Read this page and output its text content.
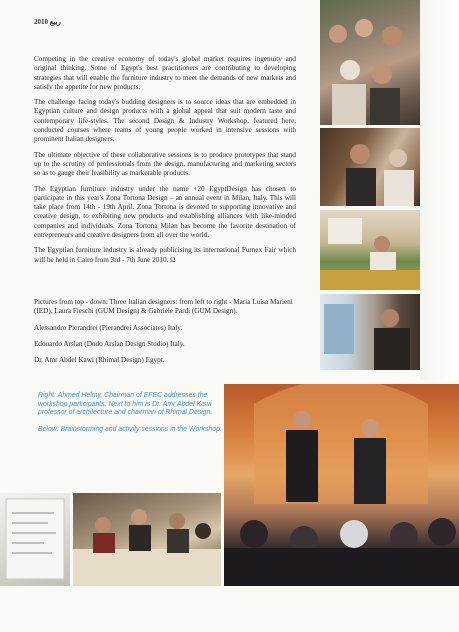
2010 ربيع

Competing in the creative economy of today's global market requires ingenuity and original thinking. Some of Egypt's best practitioners are contributing to developing strategies that will enable the furniture industry to meet the demands of new markets and satisfy the appetite for new products.

The challenge facing today's budding designers is to source ideas that are embedded in Egyptian culture and design products with a global appeal that suit modern taste and contemporary life-styles. The second Design & Industry Workshop, featured here, conducted courses where teams of young people worked in intensive sessions with prominent Italian designers.

The ultimate objective of these collaborative sessions is to produce prototypes that stand up to the scrutiny of professionals from the design, manufacturing and marketing sectors so as to gauge their feasibility as marketable products.

The Egyptian furniture industry under the name +20 EgyptDesign has chosen to participate in this year's Zona Tortona Design – an annual event in Milan, Italy. This will take place from 14th - 19th April. Zona Tortona is devoted to supporting innovative and creative design, to exhibiting new products and establishing alliances with like-minded companies and individuals. Zona Tortona Milan has become the favorite destination of entrepreneurs and creative designers from all over the world.

The Egyptian furniture industry is already publicising its international Furnex Fair which will be held in Cairo from 3rd - 7th June 2010. Ω

Pictures from top - down: Three Italian designers: from left to right - Maria Luisa Marieni (IED), Laura Fieschi (GUM Design) & Gabriele Pardi (GUM Design).

Alessandro Pierandrei (Pierandrei Associates) Italy.

Edouardo Arslan (Dodo Arslan Design Studio) Italy.

Dr. Amr Abdel Kawi (Rhimal Design) Egypt.

Right: Ahmed Helmy, Chairman of EFEC addresses the workshop participants. Next to him is Dr. Amr Abdel Kawi professor of architecture and chairman of Rhimal Design.

Below: Brainstorming and activity sessions in the Workshop.
